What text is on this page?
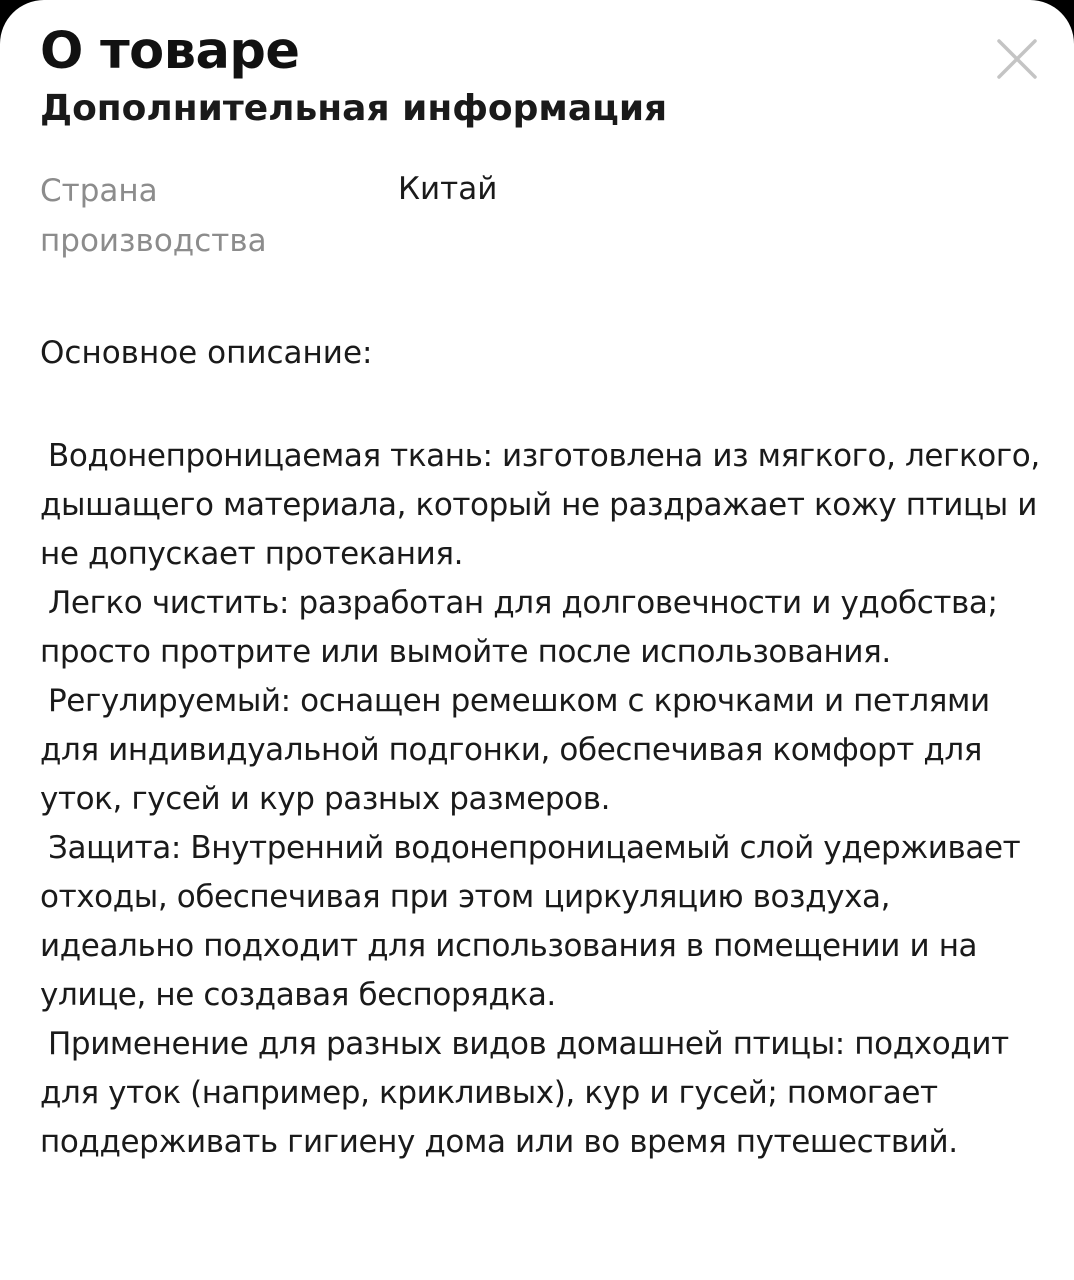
О товаре
Дополнительная информация
Страна производства
Китай
Основное описание:

Водонепроницаемая ткань: изготовлена из мягкого, легкого, дышащего материала, который не раздражает кожу птицы и не допускает протекания.

Легко чистить: разработан для долговечности и удобства; просто протрите или вымойте после использования.

Регулируемый: оснащен ремешком с крючками и петлями для индивидуальной подгонки, обеспечивая комфорт для уток, гусей и кур разных размеров.

Защита: Внутренний водонепроницаемый слой удерживает отходы, обеспечивая при этом циркуляцию воздуха, идеально подходит для использования в помещении и на улице, не создавая беспорядка.

Применение для разных видов домашней птицы: подходит для уток (например, крикливых), кур и гусей; помогает поддерживать гигиену дома или во время путешествий.
